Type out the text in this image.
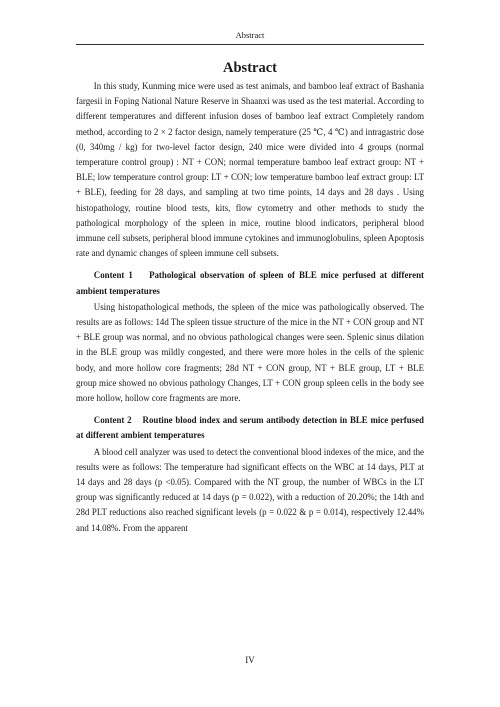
Abstract
Abstract

In this study, Kunming mice were used as test animals, and bamboo leaf extract of Bashania fargesii in Foping National Nature Reserve in Shaanxi was used as the test material. According to different temperatures and different infusion doses of bamboo leaf extract Completely random method, according to 2 × 2 factor design, namely temperature (25 ℃, 4 ℃) and intragastric dose (0, 340mg / kg) for two-level factor design, 240 mice were divided into 4 groups (normal temperature control group) : NT + CON; normal temperature bamboo leaf extract group: NT + BLE; low temperature control group: LT + CON; low temperature bamboo leaf extract group: LT + BLE), feeding for 28 days, and sampling at two time points, 14 days and 28 days . Using histopathology, routine blood tests, kits, flow cytometry and other methods to study the pathological morphology of the spleen in mice, routine blood indicators, peripheral blood immune cell subsets, peripheral blood immune cytokines and immunoglobulins, spleen Apoptosis rate and dynamic changes of spleen immune cell subsets.

Content 1    Pathological observation of spleen of BLE mice perfused at different ambient temperatures

Using histopathological methods, the spleen of the mice was pathologically observed. The results are as follows: 14d The spleen tissue structure of the mice in the NT + CON group and NT + BLE group was normal, and no obvious pathological changes were seen. Splenic sinus dilation in the BLE group was mildly congested, and there were more holes in the cells of the splenic body, and more hollow core fragments; 28d NT + CON group, NT + BLE group, LT + BLE group mice showed no obvious pathology Changes, LT + CON group spleen cells in the body see more hollow, hollow core fragments are more.

Content 2    Routine blood index and serum antibody detection in BLE mice perfused at different ambient temperatures

A blood cell analyzer was used to detect the conventional blood indexes of the mice, and the results were as follows: The temperature had significant effects on the WBC at 14 days, PLT at 14 days and 28 days (p <0.05). Compared with the NT group, the number of WBCs in the LT group was significantly reduced at 14 days (p = 0.022), with a reduction of 20.20%; the 14th and 28d PLT reductions also reached significant levels (p = 0.022 & p = 0.014), respectively 12.44% and 14.08%. From the apparent

IV
